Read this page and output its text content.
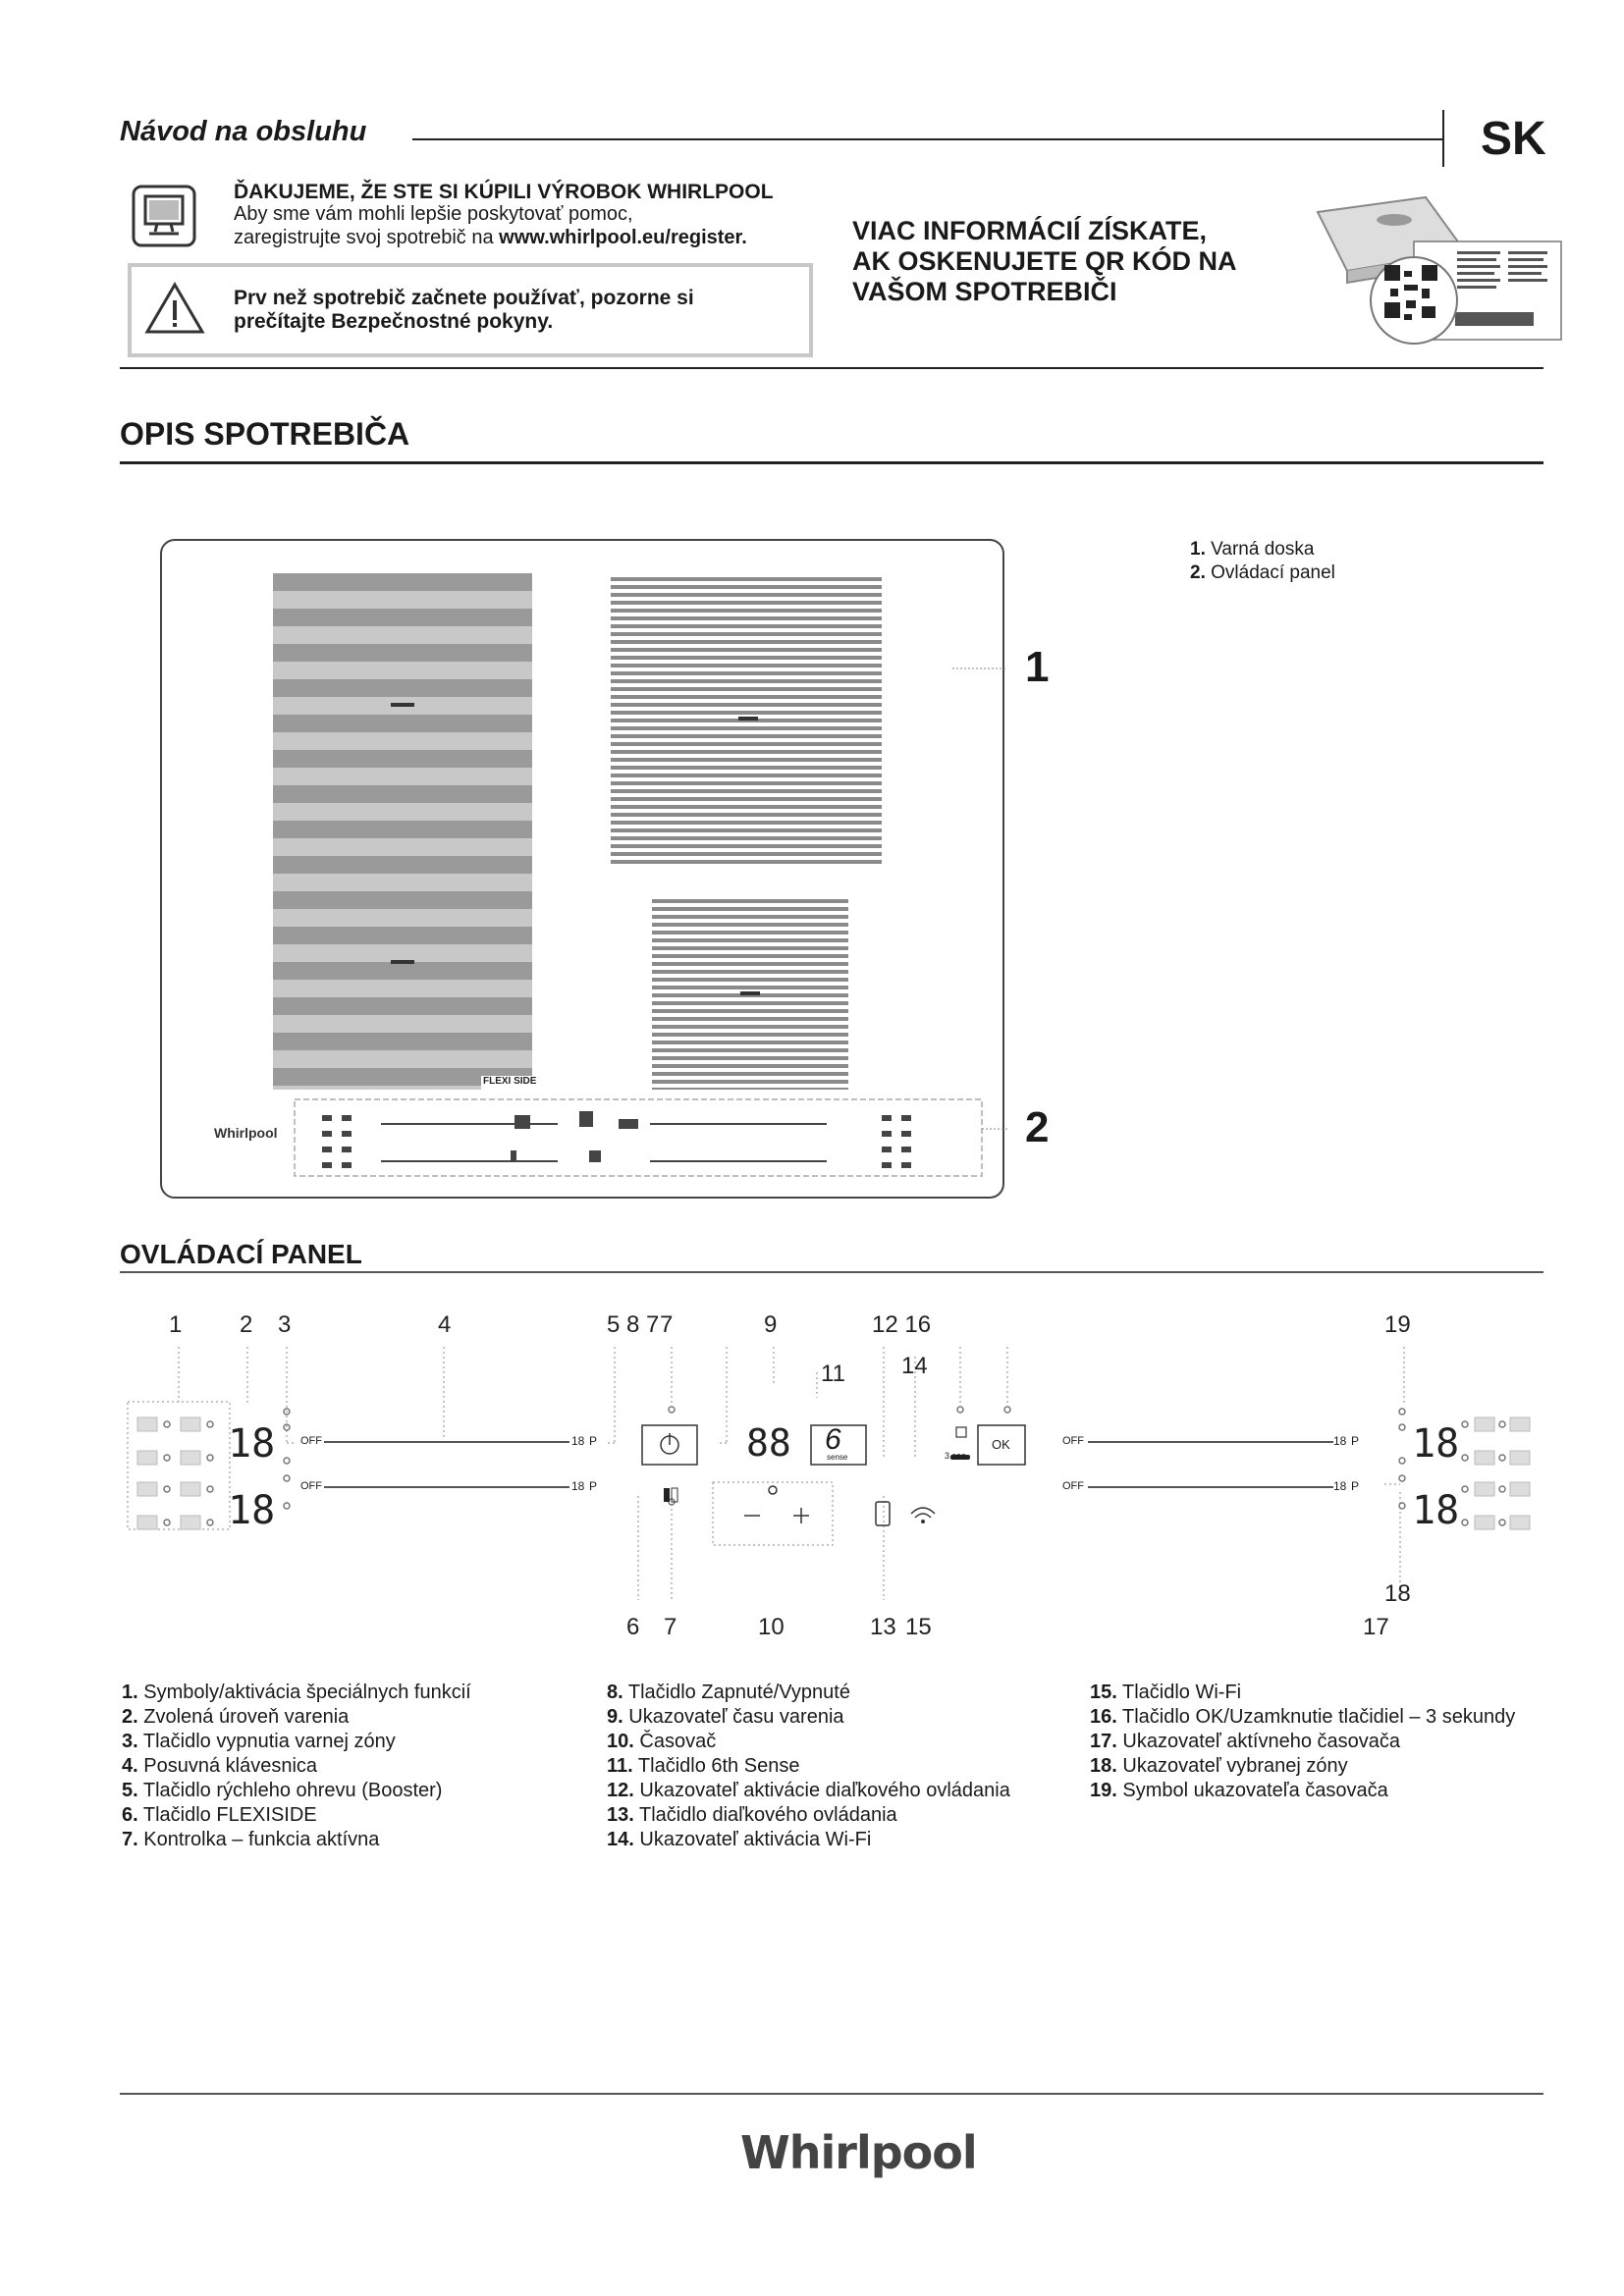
Návod na obsluhu	SK
ĎAKUJEME, ŽE STE SI KÚPILI VÝROBOK WHIRLPOOL
Aby sme vám mohli lepšie poskytovať pomoc,
zaregistrujte svoj spotrebič na www.whirlpool.eu/register.
Prv než spotrebič začnete používať, pozorne si
prečítajte Bezpečnostné pokyny.
VIAC INFORMÁCIÍ ZÍSKATE,
AK OSKENUJETE QR KÓD NA
VAŠOM SPOTREBIČI
OPIS SPOTREBIČA
1. Varná doska
2. Ovládací panel
FLEXI SIDE
Whirlpool
1
2
OVLÁDACÍ PANEL
1 2 3	4	5 8 7 7	9	12 16	19
11 14
18
18
18
18
88
OFF
OFF
OFF
OFF
18 P
18 P
18 P
18 P
OK
3 sec
6
sense
6 7	10	13 15	17
18
1. Symboly/aktivácia špeciálnych funkcií
2. Zvolená úroveň varenia
3. Tlačidlo vypnutia varnej zóny
4. Posuvná klávesnica
5. Tlačidlo rýchleho ohrevu (Booster)
6. Tlačidlo FLEXISIDE
7. Kontrolka – funkcia aktívna
8. Tlačidlo Zapnuté/Vypnuté
9. Ukazovateľ času varenia
10. Časovač
11. Tlačidlo 6th Sense
12. Ukazovateľ aktivácie diaľkového ovládania
13. Tlačidlo diaľkového ovládania
14. Ukazovateľ aktivácia Wi-Fi
15. Tlačidlo Wi-Fi
16. Tlačidlo OK/Uzamknutie tlačidiel – 3 sekundy
17. Ukazovateľ aktívneho časovača
18. Ukazovateľ vybranej zóny
19. Symbol ukazovateľa časovača
Whirlpool
